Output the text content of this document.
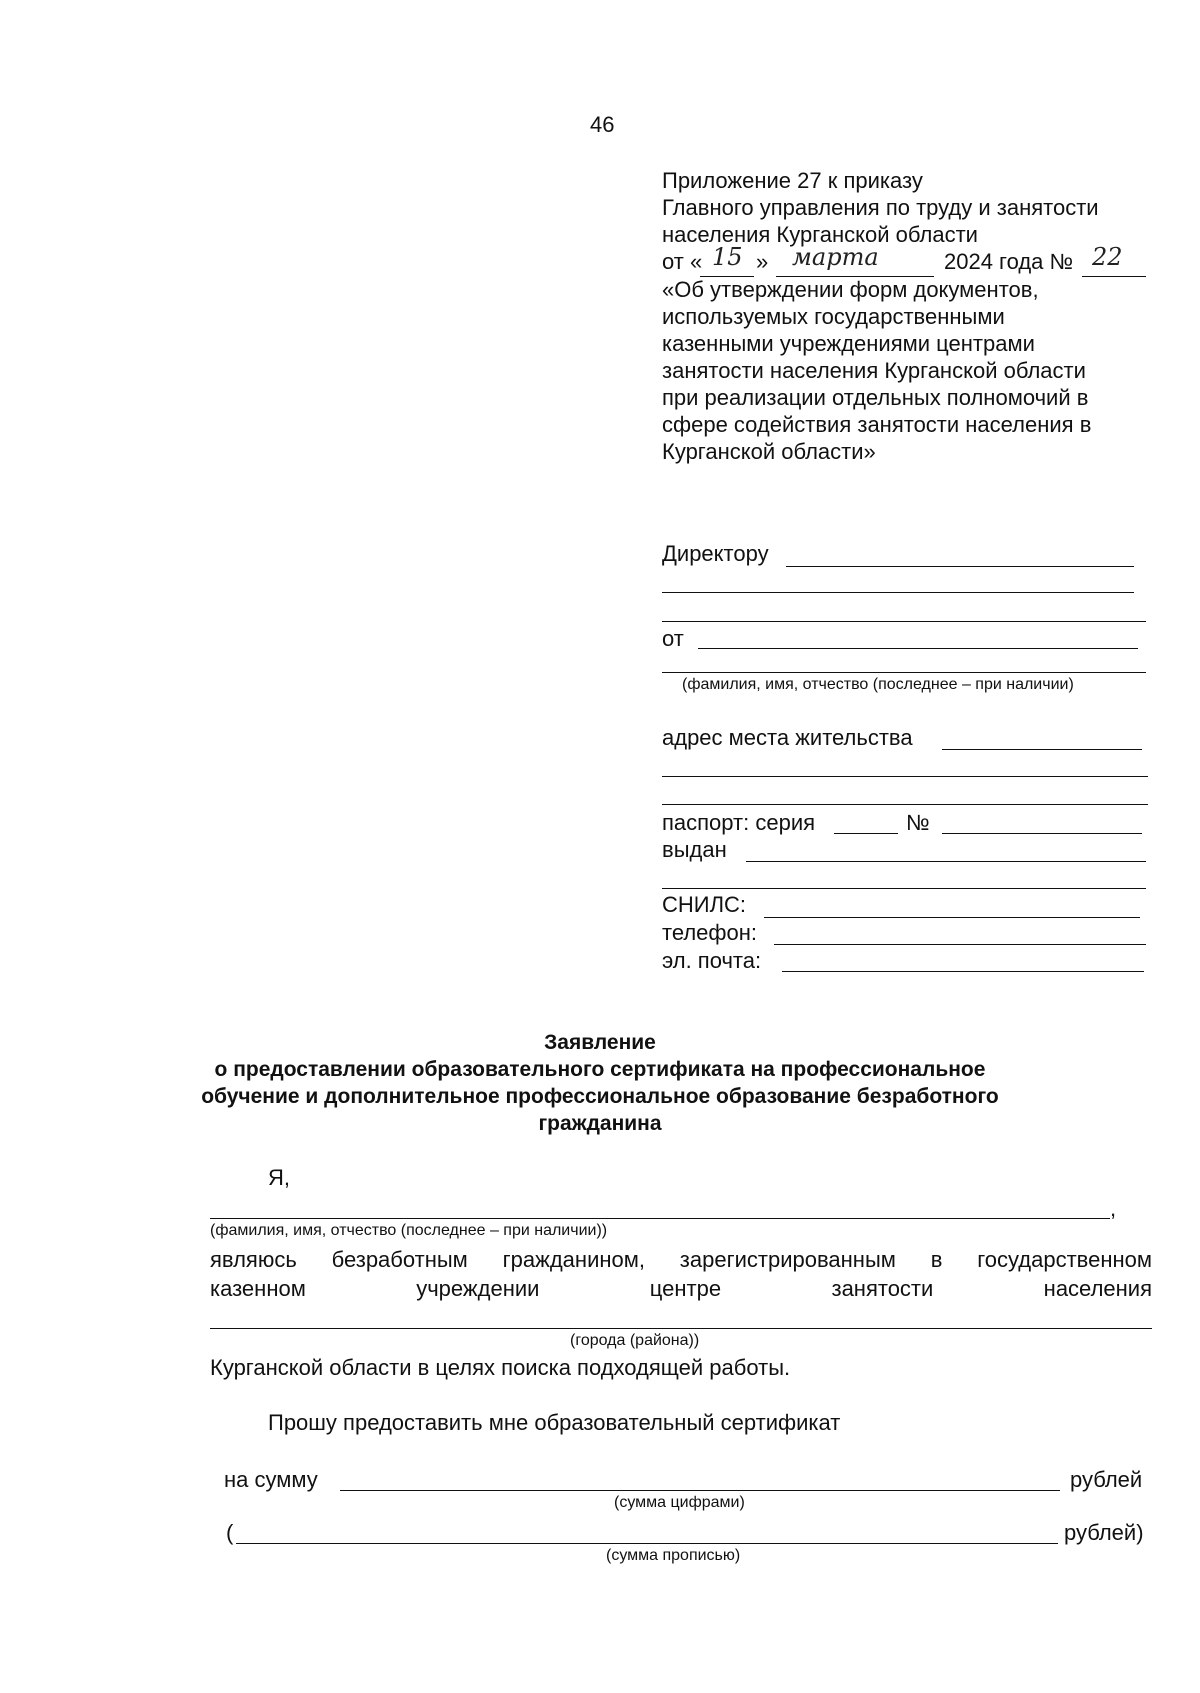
46
Приложение 27 к приказу
Главного управления по труду и занятости
населения Курганской области
от « 15 » марта	2024 года № 22
«Об утверждении форм документов,
используемых государственными
казенными учреждениями центрами
занятости населения Курганской области
при реализации отдельных полномочий в
сфере содействия занятости населения в
Курганской области»
Директору
от
(фамилия, имя, отчество (последнее – при наличии)
адрес места жительства
паспорт: серия	№
выдан
СНИЛС:
телефон:
эл. почта:
Заявление
о предоставлении образовательного сертификата на профессиональное
обучение и дополнительное профессиональное образование безработного
гражданина
Я,
,
(фамилия, имя, отчество (последнее – при наличии))
являюсь безработным гражданином, зарегистрированным в государственном
казенном учреждении центре занятости населения
(города (района))
Курганской области в целях поиска подходящей работы.
Прошу предоставить мне образовательный сертификат
на сумму	рублей
(сумма цифрами)
(	рублей)
(сумма прописью)
